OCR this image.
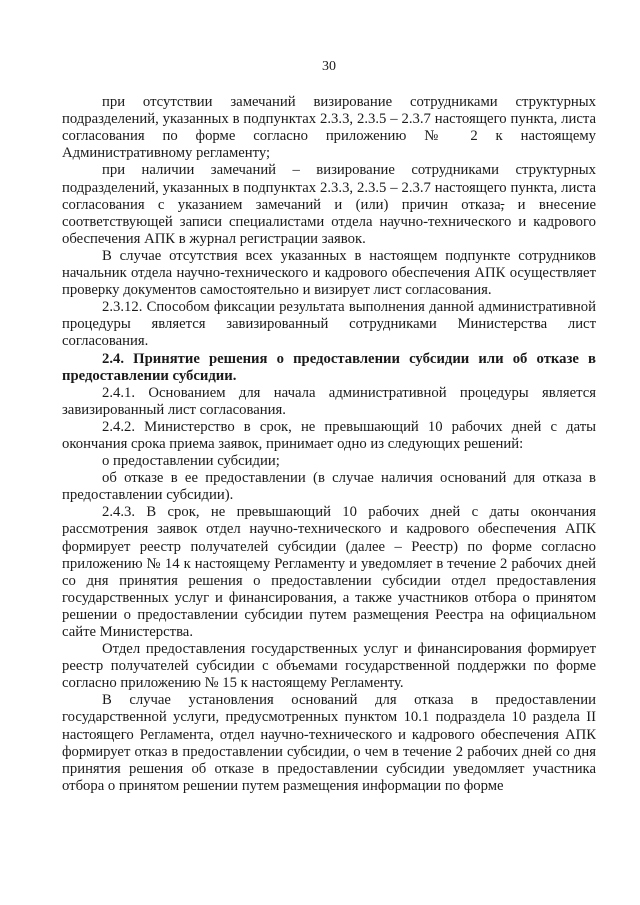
30

при отсутствии замечаний визирование сотрудниками структурных подразделений, указанных в подпунктах 2.3.3, 2.3.5 – 2.3.7 настоящего пункта, листа согласования по форме согласно приложению № 2 к настоящему Административному регламенту;

при наличии замечаний – визирование сотрудниками структурных подразделений, указанных в подпунктах 2.3.3, 2.3.5 – 2.3.7 настоящего пункта, листа согласования с указанием замечаний и (или) причин отказа, и внесение соответствующей записи специалистами отдела научно-технического и кадрового обеспечения АПК в журнал регистрации заявок.

В случае отсутствия всех указанных в настоящем подпункте сотрудников начальник отдела научно-технического и кадрового обеспечения АПК осуществляет проверку документов самостоятельно и визирует лист согласования.

2.3.12. Способом фиксации результата выполнения данной административной процедуры является завизированный сотрудниками Министерства лист согласования.

2.4. Принятие решения о предоставлении субсидии или об отказе в предоставлении субсидии.

2.4.1. Основанием для начала административной процедуры является завизированный лист согласования.

2.4.2. Министерство в срок, не превышающий 10 рабочих дней с даты окончания срока приема заявок, принимает одно из следующих решений:

о предоставлении субсидии;

об отказе в ее предоставлении (в случае наличия оснований для отказа в предоставлении субсидии).

2.4.3. В срок, не превышающий 10 рабочих дней с даты окончания рассмотрения заявок отдел научно-технического и кадрового обеспечения АПК формирует реестр получателей субсидии (далее – Реестр) по форме согласно приложению № 14 к настоящему Регламенту и уведомляет в течение 2 рабочих дней со дня принятия решения о предоставлении субсидии отдел предоставления государственных услуг и финансирования, а также участников отбора о принятом решении о предоставлении субсидии путем размещения Реестра на официальном сайте Министерства.

Отдел предоставления государственных услуг и финансирования формирует реестр получателей субсидии с объемами государственной поддержки по форме согласно приложению № 15 к настоящему Регламенту.

В случае установления оснований для отказа в предоставлении государственной услуги, предусмотренных пунктом 10.1 подраздела 10 раздела II настоящего Регламента, отдел научно-технического и кадрового обеспечения АПК формирует отказ в предоставлении субсидии, о чем в течение 2 рабочих дней со дня принятия решения об отказе в предоставлении субсидии уведомляет участника отбора о принятом решении путем размещения информации по форме
